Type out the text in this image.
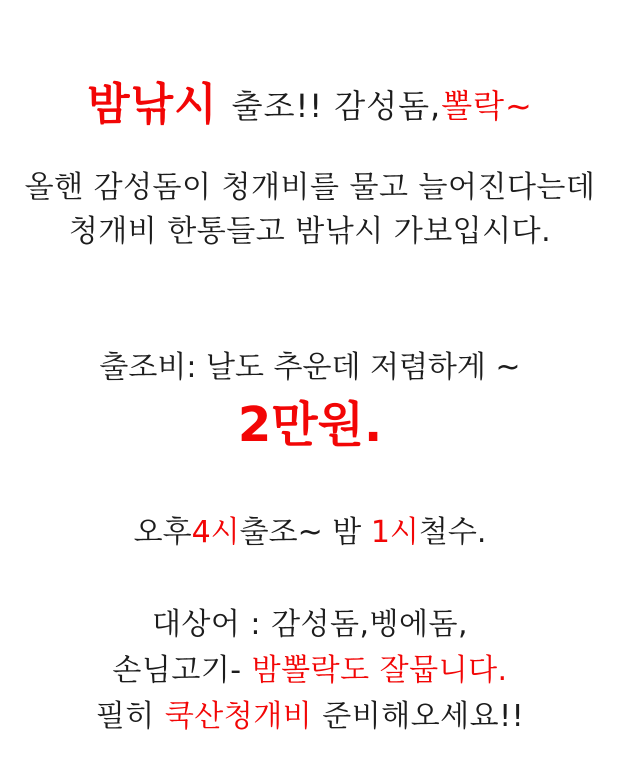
밤낚시 출조!! 감성돔,뽈락~
올핸 감성돔이 청개비를 물고 늘어진다는데
청개비 한통들고 밤낚시 가보입시다.
출조비: 날도 추운데 저렴하게 ~
2만원.
오후4시출조~ 밤 1시철수.
대상어 : 감성돔,벵에돔,
손님고기- 밤뽈락도 잘뭅니다.
필히 쿡산청개비 준비해오세요!!
